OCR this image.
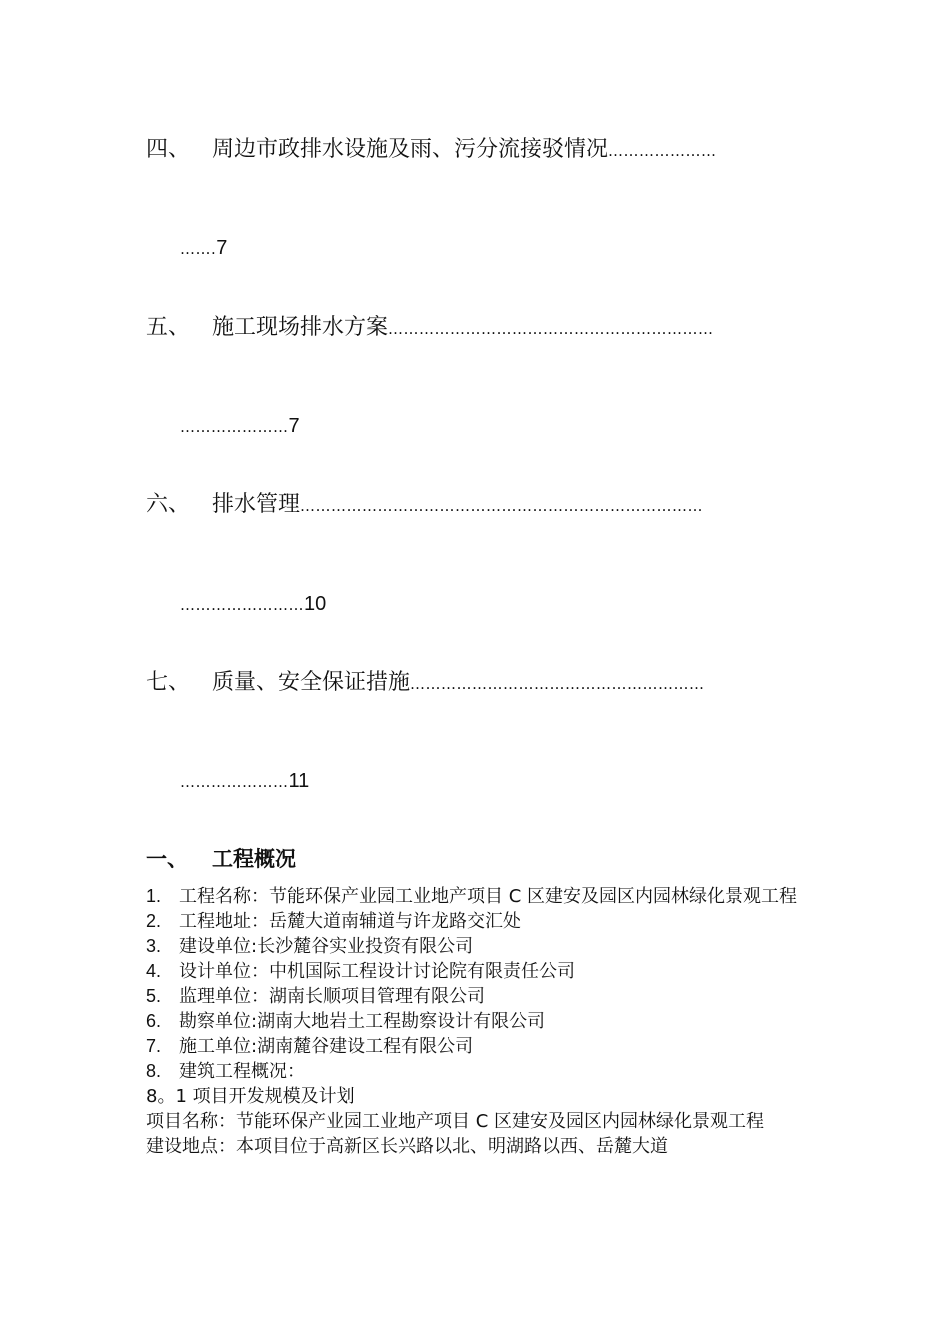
四、 周边市政排水设施及雨、污分流接驳情况…………………
…….7
五、 施工现场排水方案………………………………………………………
…………………7
六、 排水管理……………………………………………………………………
……………………10
七、 质量、安全保证措施…………………………………………………
…………………11
一、 工程概况
1. 工程名称：节能环保产业园工业地产项目 C 区建安及园区内园林绿化景观工程
2. 工程地址：岳麓大道南辅道与许龙路交汇处
3. 建设单位:长沙麓谷实业投资有限公司
4. 设计单位：中机国际工程设计讨论院有限责任公司
5. 监理单位：湖南长顺项目管理有限公司
6. 勘察单位:湖南大地岩土工程勘察设计有限公司
7. 施工单位:湖南麓谷建设工程有限公司
8. 建筑工程概况：
8。1 项目开发规模及计划
项目名称：节能环保产业园工业地产项目 C 区建安及园区内园林绿化景观工程
建设地点：本项目位于高新区长兴路以北、明湖路以西、岳麓大道
